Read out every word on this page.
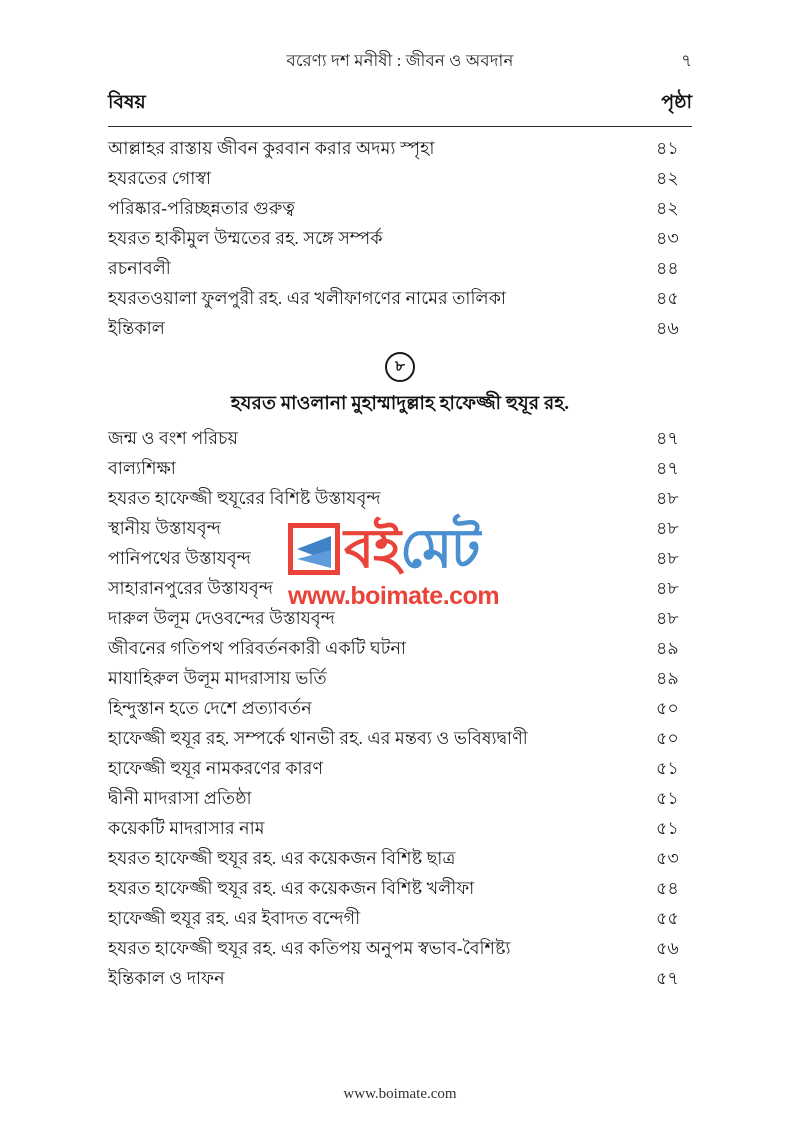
বরেণ্য দশ মনীষী : জীবন ও অবদান	৭
বিষয়	পৃষ্ঠা
আল্লাহর রাস্তায় জীবন কুরবান করার অদম্য স্পৃহা	৪১
হযরতের গোস্বা	৪২
পরিষ্কার-পরিচ্ছন্নতার গুরুত্ব	৪২
হযরত হাকীমুল উম্মতের রহ. সঙ্গে সম্পর্ক	৪৩
রচনাবলী	৪৪
হযরতওয়ালা ফুলপুরী রহ. এর খলীফাগণের নামের তালিকা	৪৫
ইন্তিকাল	৪৬
৮
হযরত মাওলানা মুহাম্মাদুল্লাহ হাফেজ্জী হুযূর রহ.
জন্ম ও বংশ পরিচয়	৪৭
বাল্যশিক্ষা	৪৭
হযরত হাফেজ্জী হুযূরের বিশিষ্ট উস্তাযবৃন্দ	৪৮
স্থানীয় উস্তাযবৃন্দ	৪৮
পানিপথের উস্তাযবৃন্দ	৪৮
সাহারানপুরের উস্তাযবৃন্দ	৪৮
দারুল উলূম দেওবন্দের উস্তাযবৃন্দ	৪৮
জীবনের গতিপথ পরিবর্তনকারী একটি ঘটনা	৪৯
মাযাহিরুল উলূম মাদরাসায় ভর্তি	৪৯
হিন্দুস্তান হতে দেশে প্রত্যাবর্তন	৫০
হাফেজ্জী হুযূর রহ. সম্পর্কে থানভী রহ. এর মন্তব্য ও ভবিষ্যদ্বাণী	৫০
হাফেজ্জী হুযূর নামকরণের কারণ	৫১
দ্বীনী মাদরাসা প্রতিষ্ঠা	৫১
কয়েকটি মাদরাসার নাম	৫১
হযরত হাফেজ্জী হুযূর রহ. এর কয়েকজন বিশিষ্ট ছাত্র	৫৩
হযরত হাফেজ্জী হুযূর রহ. এর কয়েকজন বিশিষ্ট খলীফা	৫৪
হাফেজ্জী হুযূর রহ. এর ইবাদত বন্দেগী	৫৫
হযরত হাফেজ্জী হুযূর রহ. এর কতিপয় অনুপম স্বভাব-বৈশিষ্ট্য	৫৬
ইন্তিকাল ও দাফন	৫৭
বই মেট
www.boimate.com
www.boimate.com
